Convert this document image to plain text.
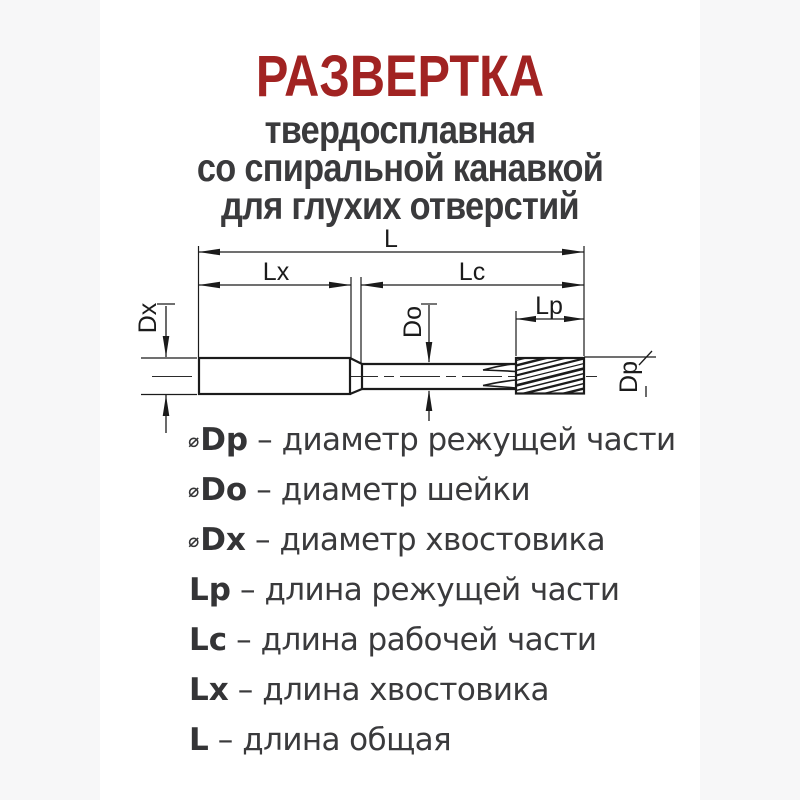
РАЗВЕРТКА
твердосплавная
со спиральной канавкой
для глухих отверстий
L
Lx	Lc
Lp
Dx	Do
Dp
⌀Dp – диаметр режущей части
⌀Do – диаметр шейки
⌀Dx – диаметр хвостовика
Lp – длина режущей части
Lc – длина рабочей части
Lx – длина хвостовика
L – длина общая
